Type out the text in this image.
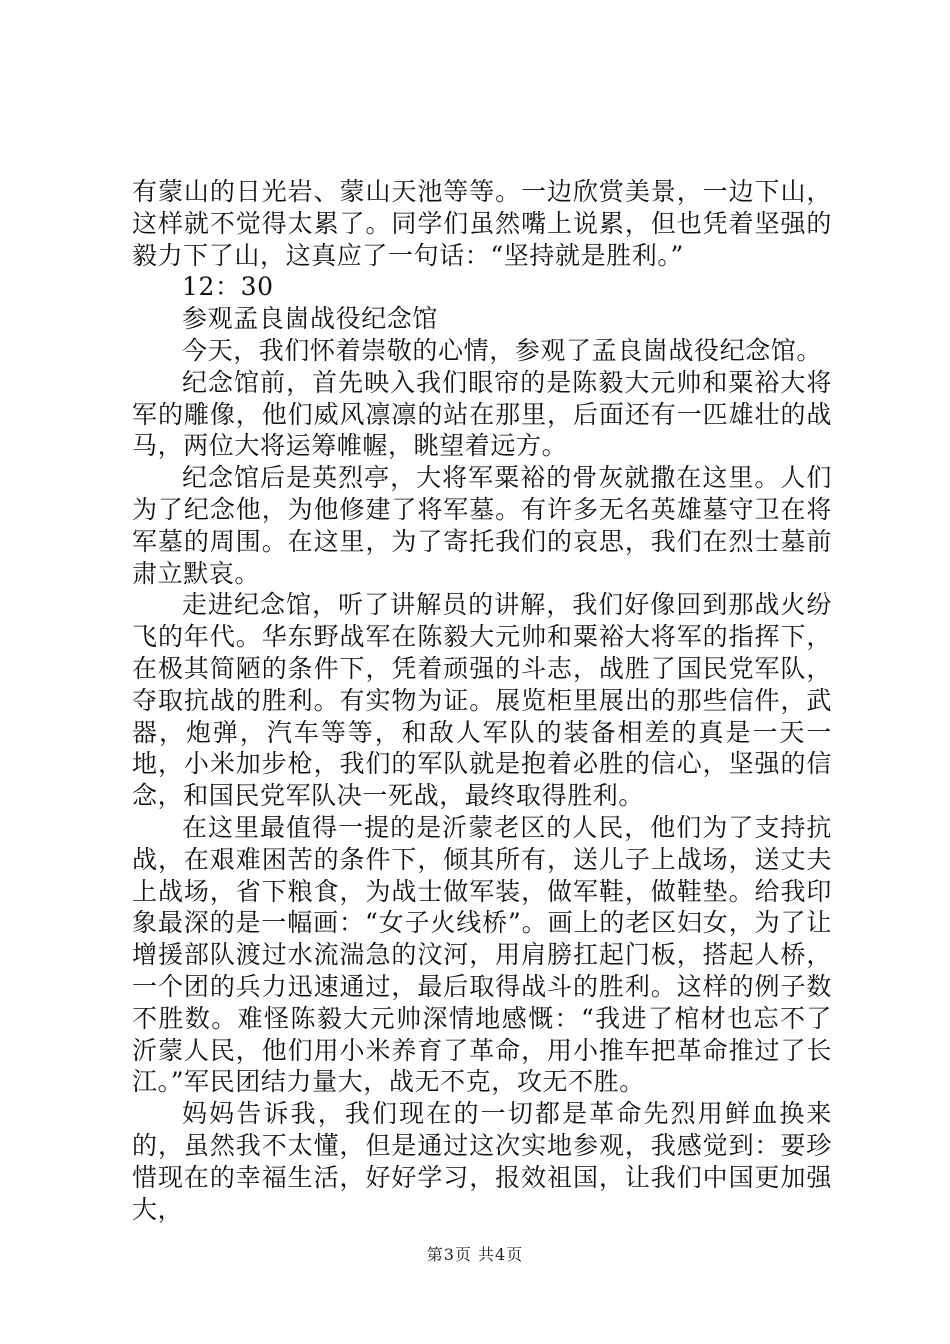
有蒙山的日光岩、蒙山天池等等。一边欣赏美景，一边下山，这样就不觉得太累了。同学们虽然嘴上说累，但也凭着坚强的毅力下了山，这真应了一句话：“坚持就是胜利。”

12：30

参观孟良崮战役纪念馆

今天，我们怀着崇敬的心情，参观了孟良崮战役纪念馆。

纪念馆前，首先映入我们眼帘的是陈毅大元帅和粟裕大将军的雕像，他们威风凛凛的站在那里，后面还有一匹雄壮的战马，两位大将运筹帷幄，眺望着远方。

纪念馆后是英烈亭，大将军粟裕的骨灰就撒在这里。人们为了纪念他，为他修建了将军墓。有许多无名英雄墓守卫在将军墓的周围。在这里，为了寄托我们的哀思，我们在烈士墓前肃立默哀。

走进纪念馆，听了讲解员的讲解，我们好像回到那战火纷飞的年代。华东野战军在陈毅大元帅和粟裕大将军的指挥下，在极其简陋的条件下，凭着顽强的斗志，战胜了国民党军队，夺取抗战的胜利。有实物为证。展览柜里展出的那些信件，武器，炮弹，汽车等等，和敌人军队的装备相差的真是一天一地，小米加步枪，我们的军队就是抱着必胜的信心，坚强的信念，和国民党军队决一死战，最终取得胜利。

在这里最值得一提的是沂蒙老区的人民，他们为了支持抗战，在艰难困苦的条件下，倾其所有，送儿子上战场，送丈夫上战场，省下粮食，为战士做军装，做军鞋，做鞋垫。给我印象最深的是一幅画：“女子火线桥”。画上的老区妇女，为了让增援部队渡过水流湍急的汶河，用肩膀扛起门板，搭起人桥，一个团的兵力迅速通过，最后取得战斗的胜利。这样的例子数不胜数。难怪陈毅大元帅深情地感慨：“我进了棺材也忘不了沂蒙人民，他们用小米养育了革命，用小推车把革命推过了长江。”军民团结力量大，战无不克，攻无不胜。

妈妈告诉我，我们现在的一切都是革命先烈用鲜血换来的，虽然我不太懂，但是通过这次实地参观，我感觉到：要珍惜现在的幸福生活，好好学习，报效祖国，让我们中国更加强大，

第3页 共4页
